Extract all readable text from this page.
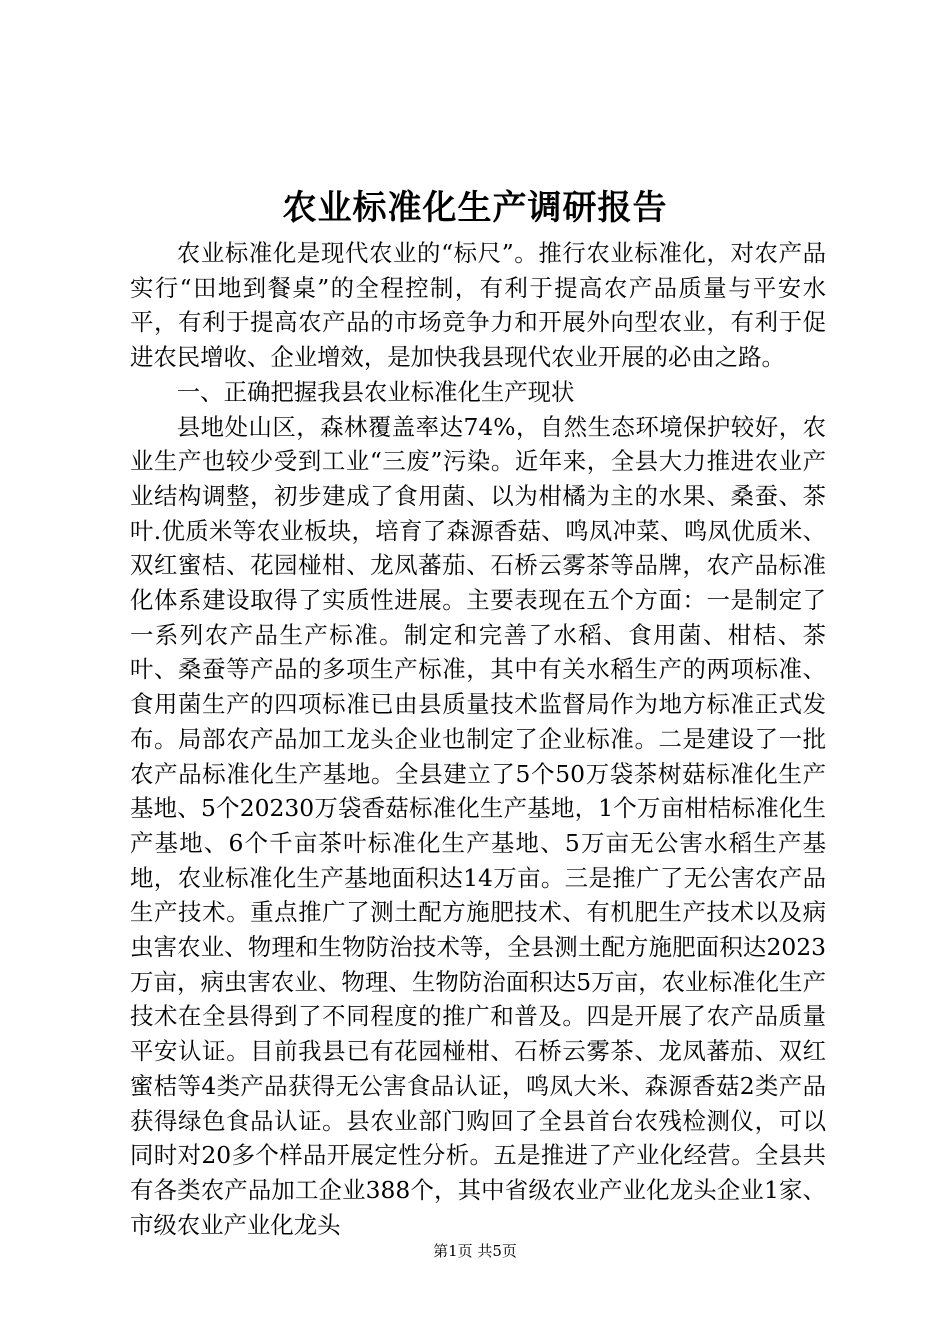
农业标准化生产调研报告

农业标准化是现代农业的“标尺”。推行农业标准化，对农产品实行“田地到餐桌”的全程控制，有利于提高农产品质量与平安水平，有利于提高农产品的市场竞争力和开展外向型农业，有利于促进农民增收、企业增效，是加快我县现代农业开展的必由之路。

一、正确把握我县农业标准化生产现状

县地处山区，森林覆盖率达74%，自然生态环境保护较好，农业生产也较少受到工业“三废”污染。近年来，全县大力推进农业产业结构调整，初步建成了食用菌、以为柑橘为主的水果、桑蚕、茶叶.优质米等农业板块，培育了森源香菇、鸣凤冲菜、鸣凤优质米、双红蜜桔、花园椪柑、龙凤蕃茄、石桥云雾茶等品牌，农产品标准化体系建设取得了实质性进展。主要表现在五个方面：一是制定了一系列农产品生产标准。制定和完善了水稻、食用菌、柑桔、茶叶、桑蚕等产品的多项生产标准，其中有关水稻生产的两项标准、食用菌生产的四项标准已由县质量技术监督局作为地方标准正式发布。局部农产品加工龙头企业也制定了企业标准。二是建设了一批农产品标准化生产基地。全县建立了5个50万袋茶树菇标准化生产基地、5个20230万袋香菇标准化生产基地，1个万亩柑桔标准化生产基地、6个千亩茶叶标准化生产基地、5万亩无公害水稻生产基地，农业标准化生产基地面积达14万亩。三是推广了无公害农产品生产技术。重点推广了测土配方施肥技术、有机肥生产技术以及病虫害农业、物理和生物防治技术等，全县测土配方施肥面积达2023万亩，病虫害农业、物理、生物防治面积达5万亩，农业标准化生产技术在全县得到了不同程度的推广和普及。四是开展了农产品质量平安认证。目前我县已有花园椪柑、石桥云雾茶、龙凤蕃茄、双红蜜桔等4类产品获得无公害食品认证，鸣凤大米、森源香菇2类产品获得绿色食品认证。县农业部门购回了全县首台农残检测仪，可以同时对20多个样品开展定性分析。五是推进了产业化经营。全县共有各类农产品加工企业388个，其中省级农业产业化龙头企业1家、市级农业产业化龙头

第1页 共5页
